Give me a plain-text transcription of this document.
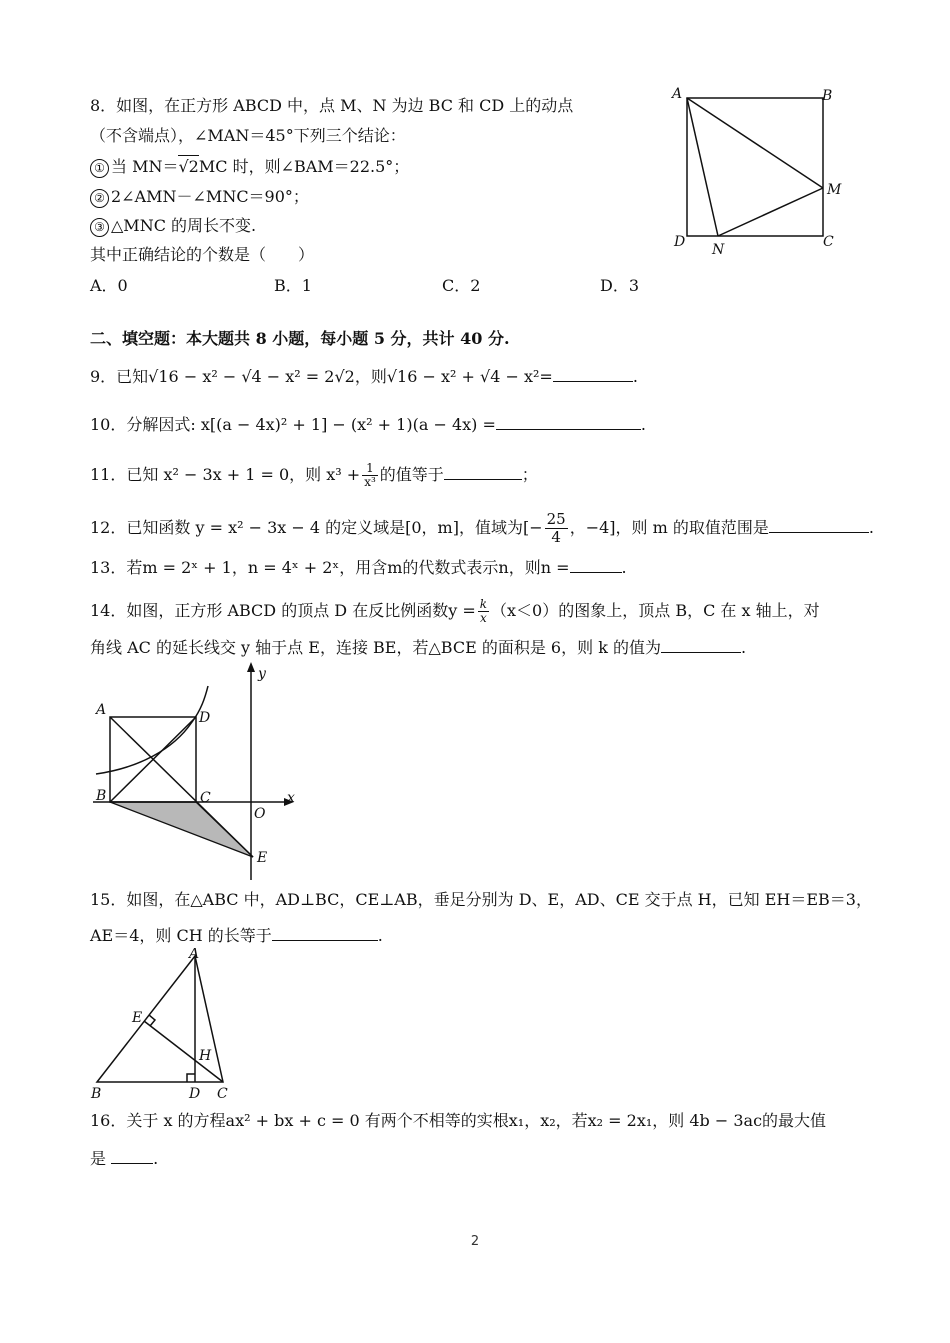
8．如图，在正方形 ABCD 中，点 M、N 为边 BC 和 CD 上的动点
（不含端点），∠MAN＝45°下列三个结论：
① 当 MN＝√2MC 时，则∠BAM＝22.5°；
② 2∠AMN－∠MNC＝90°；
③ △MNC 的周长不变.
其中正确结论的个数是（　　）
A．0	B．1	C．2	D．3
A	B
C
D
M
N
二、填空题：本大题共 8 小题，每小题 5 分，共计 40 分.
9．已知√16 − x² − √4 − x² = 2√2，则√16 − x² + √4 − x²=	.
10．分解因式: x[(a − 4x)² + 1] − (x² + 1)(a − 4x) =	.
11．已知 x² − 3x + 1 = 0，则 $x^3 + \frac{1}{\text{x³}}$ 的值等于	；
12．已知函数 y = x² − 3x − 4 的定义域是[0，m]，值域为[− $\frac{25}{4}$ ，−4]，则 m 的取值范围是	.
13．若m = 2ˣ + 1，n = 4ˣ + 2ˣ，用含m的代数式表示n，则n =	.
14．如图，正方形 ABCD 的顶点 D 在反比例函数$y = \frac{k}{x} (x<0)$的图象上，顶点 B，C 在 x 轴上，对
角线 AC 的延长线交 y 轴于点 E，连接 BE，若△BCE 的面积是 6，则 k 的值为	.
A
B	C
D
E
O
x
y
15．如图，在△ABC 中，AD⊥BC，CE⊥AB，垂足分别为 D、E，AD、CE 交于点 H，已知 EH＝EB＝3，
AE＝4，则 CH 的长等于	.
A
B	C
D
E
H
16．关于 x 的方程ax² + bx + c = 0 有两个不相等的实根x₁，x₂，若x₂ = 2x₁，则 4b − 3ac的最大值
是	.
2
